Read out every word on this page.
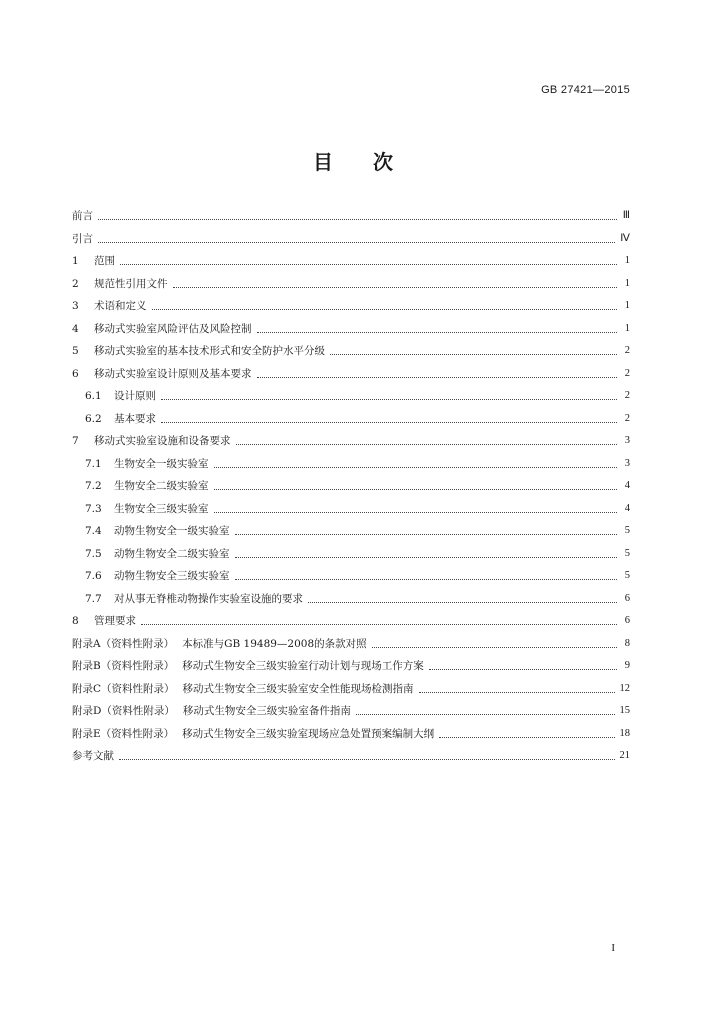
GB 27421—2015
目次
前言	Ⅲ
引言	Ⅳ
1	范围	1
2	规范性引用文件	1
3	术语和定义	1
4	移动式实验室风险评估及风险控制	1
5	移动式实验室的基本技术形式和安全防护水平分级	2
6	移动式实验室设计原则及基本要求	2
6.1	设计原则	2
6.2	基本要求	2
7	移动式实验室设施和设备要求	3
7.1	生物安全一级实验室	3
7.2	生物安全二级实验室	4
7.3	生物安全三级实验室	4
7.4	动物生物安全一级实验室	5
7.5	动物生物安全二级实验室	5
7.6	动物生物安全三级实验室	5
7.7	对从事无脊椎动物操作实验室设施的要求	6
8	管理要求	6
附录A（资料性附录） 本标准与GB 19489—2008的条款对照	8
附录B（资料性附录） 移动式生物安全三级实验室行动计划与现场工作方案	9
附录C（资料性附录） 移动式生物安全三级实验室安全性能现场检测指南	12
附录D（资料性附录） 移动式生物安全三级实验室备件指南	15
附录E（资料性附录） 移动式生物安全三级实验室现场应急处置预案编制大纲	18
参考文献	21
I
